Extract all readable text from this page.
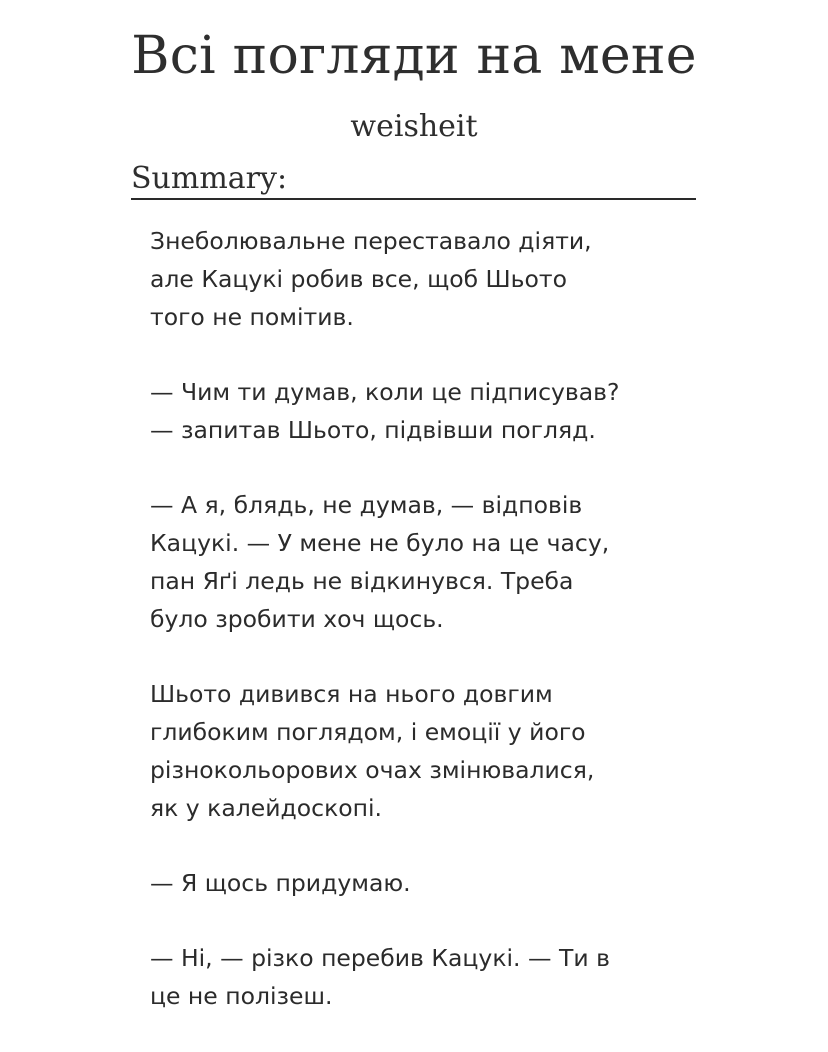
Всі погляди на мене
weisheit
Summary:

Знеболювальне переставало діяти,
але Кацукі робив все, щоб Шьото
того не помітив.

— Чим ти думав, коли це підписував?
— запитав Шьото, підвівши погляд.

— А я, блядь, не думав, — відповів
Кацукі. — У мене не було на це часу,
пан Яґі ледь не відкинувся. Треба
було зробити хоч щось.

Шьото дивився на нього довгим
глибоким поглядом, і емоції у його
різнокольорових очах змінювалися,
як у калейдоскопі.

— Я щось придумаю.

— Ні, — різко перебив Кацукі. — Ти в
це не полізеш.
